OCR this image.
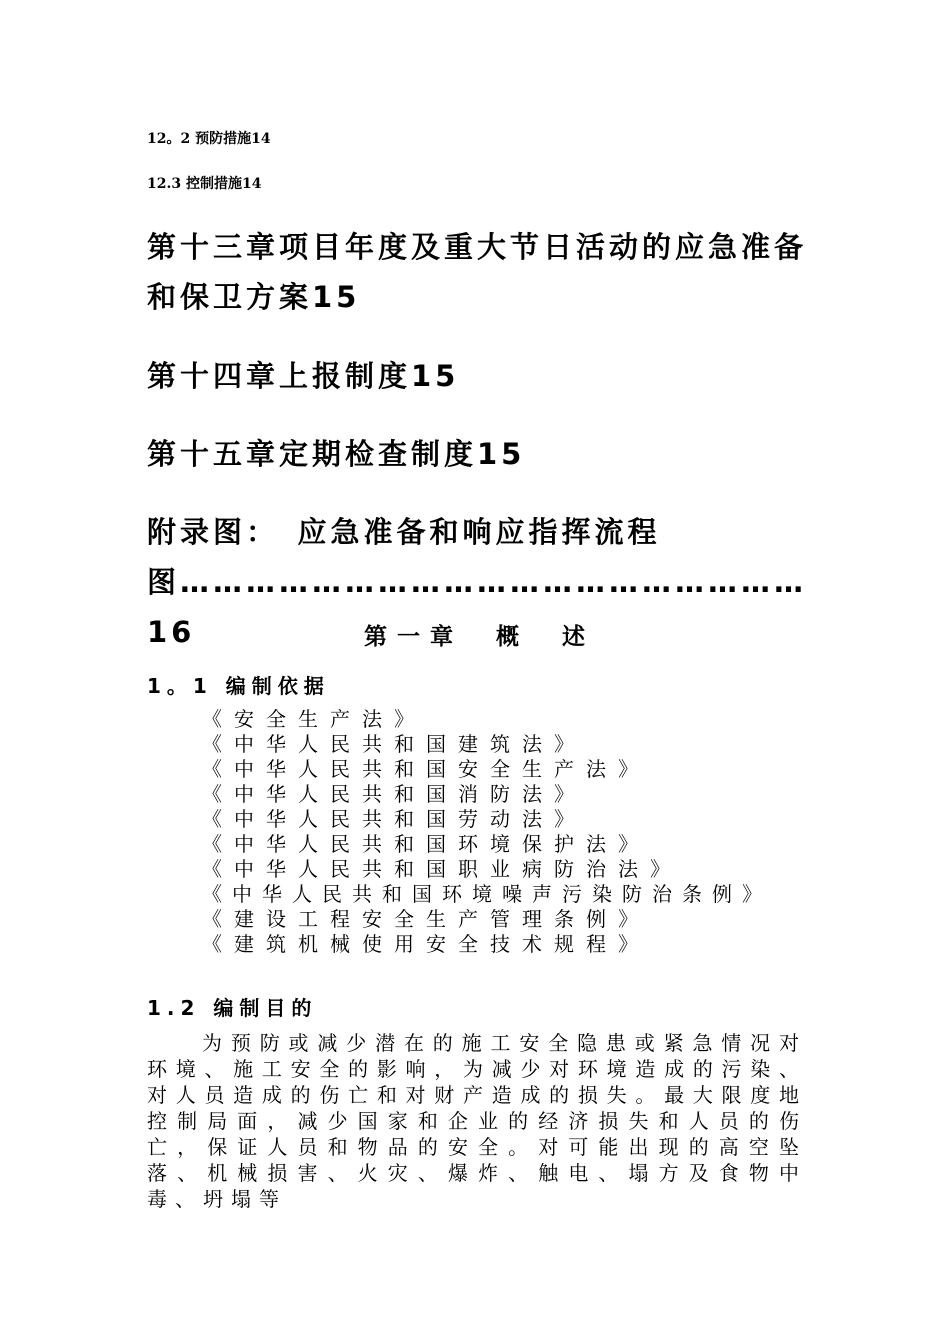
12。2 预防措施14
12.3 控制措施14
第十三章项目年度及重大节日活动的应急准备和保卫方案15
第十四章上报制度15
第十五章定期检查制度15
附录图：　应急准备和响应指挥流程图…………………………………………………16	第一章　概　述
1。1 编制依据

《安全生产法》

《中华人民共和国建筑法》

《中华人民共和国安全生产法》

《中华人民共和国消防法》

《中华人民共和国劳动法》

《中华人民共和国环境保护法》

《中华人民共和国职业病防治法》

《中华人民共和国环境噪声污染防治条例》

《建设工程安全生产管理条例》

《建筑机械使用安全技术规程》

1.2 编制目的

为预防或减少潜在的施工安全隐患或紧急情况对环境、施工安全的影响，为减少对环境造成的污染、对人员造成的伤亡和对财产造成的损失。最大限度地控制局面，减少国家和企业的经济损失和人员的伤亡，保证人员和物品的安全。对可能出现的高空坠落、机械损害、火灾、爆炸、触电、塌方及食物中毒、坍塌等
